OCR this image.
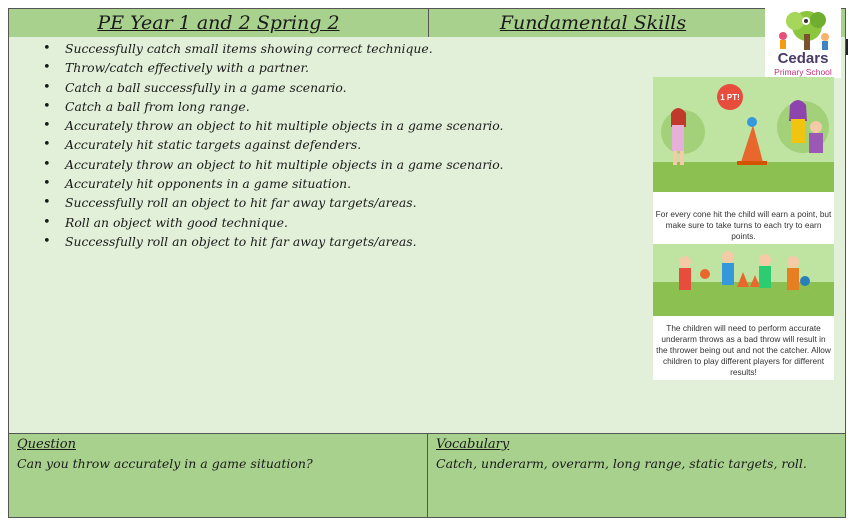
PE Year 1 and 2 Spring 2	Fundamental Skills
• Successfully catch small items showing correct technique.
• Throw/catch effectively with a partner.
• Catch a ball successfully in a game scenario.
• Catch a ball from long range.
• Accurately throw an object to hit multiple objects in a game scenario.
• Accurately hit static targets against defenders.
• Accurately throw an object to hit multiple objects in a game scenario.
• Accurately hit opponents in a game situation.
• Successfully roll an object to hit far away targets/areas.
• Roll an object with good technique.
• Successfully roll an object to hit far away targets/areas.
Cedars
Primary School
1 PT!
For every cone hit the child will earn a point, but make sure to take turns to each try to earn points.
The children will need to perform accurate underarm throws as a bad throw will result in the thrower being out and not the catcher. Allow children to play different players for different results!
Question
Can you throw accurately in a game situation?
Vocabulary
Catch, underarm, overarm, long range, static targets, roll.
